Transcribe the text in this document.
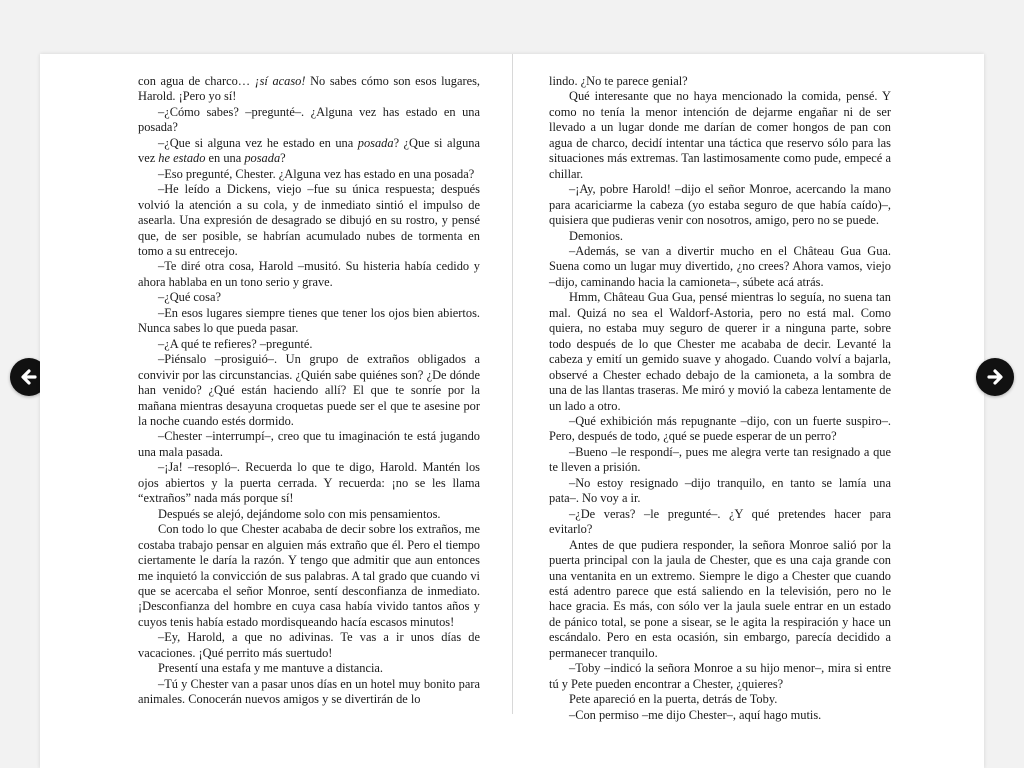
con agua de charco… ¡sí acaso! No sabes cómo son esos lugares, Harold. ¡Pero yo sí!

–¿Cómo sabes? –pregunté–. ¿Alguna vez has estado en una posada?

–¿Que si alguna vez he estado en una posada? ¿Que si alguna vez he estado en una posada?

–Eso pregunté, Chester. ¿Alguna vez has estado en una posada?

–He leído a Dickens, viejo –fue su única respuesta; después volvió la atención a su cola, y de inmediato sintió el impulso de asearla. Una expresión de desagrado se dibujó en su rostro, y pensé que, de ser posible, se habrían acumulado nubes de tormenta en tomo a su entrecejo.

–Te diré otra cosa, Harold –musitó. Su histeria había cedido y ahora hablaba en un tono serio y grave.

–¿Qué cosa?

–En esos lugares siempre tienes que tener los ojos bien abiertos. Nunca sabes lo que pueda pasar.

–¿A qué te refieres? –pregunté.

–Piénsalo –prosiguió–. Un grupo de extraños obligados a convivir por las circunstancias. ¿Quién sabe quiénes son? ¿De dónde han venido? ¿Qué están haciendo allí? El que te sonríe por la mañana mientras desayuna croquetas puede ser el que te asesine por la noche cuando estés dormido.

–Chester –interrumpí–, creo que tu imaginación te está jugando una mala pasada.

–¡Ja! –resopló–. Recuerda lo que te digo, Harold. Mantén los ojos abiertos y la puerta cerrada. Y recuerda: ¡no se les llama “extraños” nada más porque sí!

Después se alejó, dejándome solo con mis pensamientos.

Con todo lo que Chester acababa de decir sobre los extraños, me costaba trabajo pensar en alguien más extraño que él. Pero el tiempo ciertamente le daría la razón. Y tengo que admitir que aun entonces me inquietó la convicción de sus palabras. A tal grado que cuando vi que se acercaba el señor Monroe, sentí desconfianza de inmediato. ¡Desconfianza del hombre en cuya casa había vivido tantos años y cuyos tenis había estado mordisqueando hacía escasos minutos!

–Ey, Harold, a que no adivinas. Te vas a ir unos días de vacaciones. ¡Qué perrito más suertudo!

Presentí una estafa y me mantuve a distancia.

–Tú y Chester van a pasar unos días en un hotel muy bonito para animales. Conocerán nuevos amigos y se divertirán de lo

lindo. ¿No te parece genial?

Qué interesante que no haya mencionado la comida, pensé. Y como no tenía la menor intención de dejarme engañar ni de ser llevado a un lugar donde me darían de comer hongos de pan con agua de charco, decidí intentar una táctica que reservo sólo para las situaciones más extremas. Tan lastimosamente como pude, empecé a chillar.

–¡Ay, pobre Harold! –dijo el señor Monroe, acercando la mano para acariciarme la cabeza (yo estaba seguro de que había caído)–, quisiera que pudieras venir con nosotros, amigo, pero no se puede.

Demonios.

–Además, se van a divertir mucho en el Château Gua Gua. Suena como un lugar muy divertido, ¿no crees? Ahora vamos, viejo –dijo, caminando hacia la camioneta–, súbete acá atrás.

Hmm, Château Gua Gua, pensé mientras lo seguía, no suena tan mal. Quizá no sea el Waldorf-Astoria, pero no está mal. Como quiera, no estaba muy seguro de querer ir a ninguna parte, sobre todo después de lo que Chester me acababa de decir. Levanté la cabeza y emití un gemido suave y ahogado. Cuando volví a bajarla, observé a Chester echado debajo de la camioneta, a la sombra de una de las llantas traseras. Me miró y movió la cabeza lentamente de un lado a otro.

–Qué exhibición más repugnante –dijo, con un fuerte suspiro–. Pero, después de todo, ¿qué se puede esperar de un perro?

–Bueno –le respondí–, pues me alegra verte tan resignado a que te lleven a prisión.

–No estoy resignado –dijo tranquilo, en tanto se lamía una pata–. No voy a ir.

–¿De veras? –le pregunté–. ¿Y qué pretendes hacer para evitarlo?

Antes de que pudiera responder, la señora Monroe salió por la puerta principal con la jaula de Chester, que es una caja grande con una ventanita en un extremo. Siempre le digo a Chester que cuando está adentro parece que está saliendo en la televisión, pero no le hace gracia. Es más, con sólo ver la jaula suele entrar en un estado de pánico total, se pone a sisear, se le agita la respiración y hace un escándalo. Pero en esta ocasión, sin embargo, parecía decidido a permanecer tranquilo.

–Toby –indicó la señora Monroe a su hijo menor–, mira si entre tú y Pete pueden encontrar a Chester, ¿quieres?

Pete apareció en la puerta, detrás de Toby.

–Con permiso –me dijo Chester–, aquí hago mutis.
